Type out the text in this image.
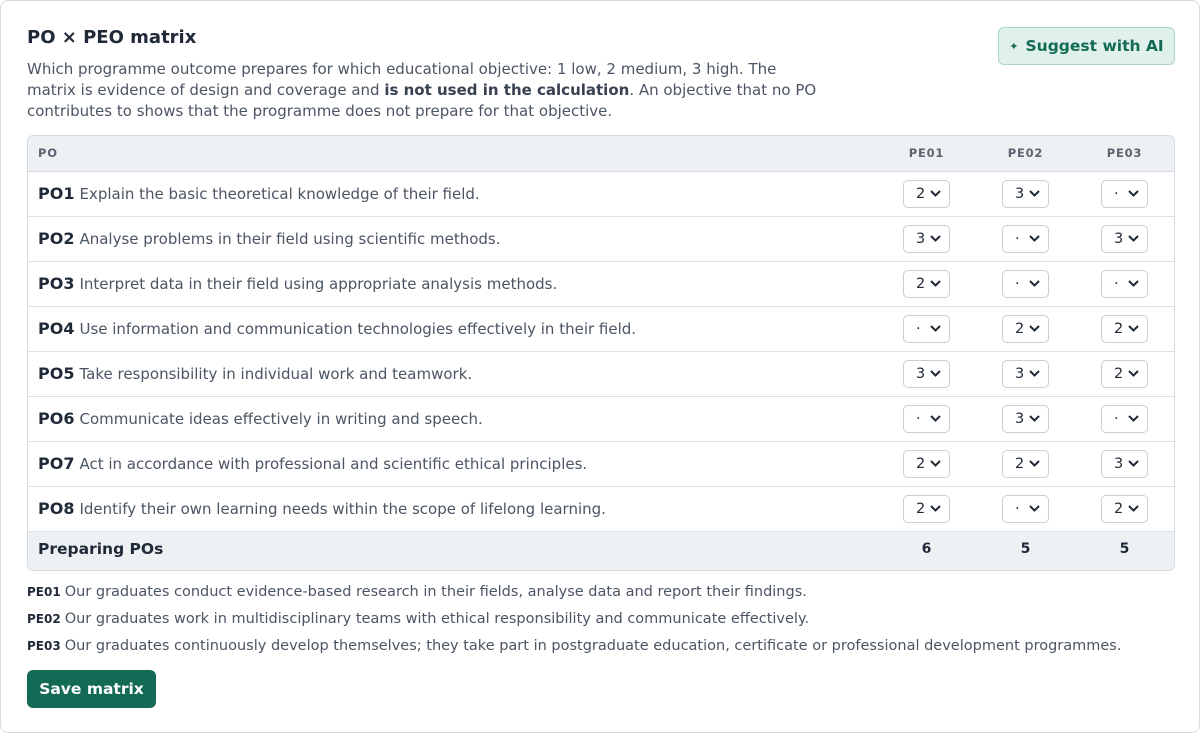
PO × PEO matrix

Which programme outcome prepares for which educational objective: 1 low, 2 medium, 3 high. The matrix is evidence of design and coverage and is not used in the calculation. An objective that no PO contributes to shows that the programme does not prepare for that objective.

✦ Suggest with AI
PO	PE01	PE02	PE03
PO1 Explain the basic theoretical knowledge of their field.	2	3	·
PO2 Analyse problems in their field using scientific methods.	3	·	3
PO3 Interpret data in their field using appropriate analysis methods.	2	·	·
PO4 Use information and communication technologies effectively in their field.	·	2	2
PO5 Take responsibility in individual work and teamwork.	3	3	2
PO6 Communicate ideas effectively in writing and speech.	·	3	·
PO7 Act in accordance with professional and scientific ethical principles.	2	2	3
PO8 Identify their own learning needs within the scope of lifelong learning.	2	·	2
Preparing POs	6	5	5
PE01 Our graduates conduct evidence-based research in their fields, analyse data and report their findings.
PE02 Our graduates work in multidisciplinary teams with ethical responsibility and communicate effectively.
PE03 Our graduates continuously develop themselves; they take part in postgraduate education, certificate or professional development programmes.
Save matrix
